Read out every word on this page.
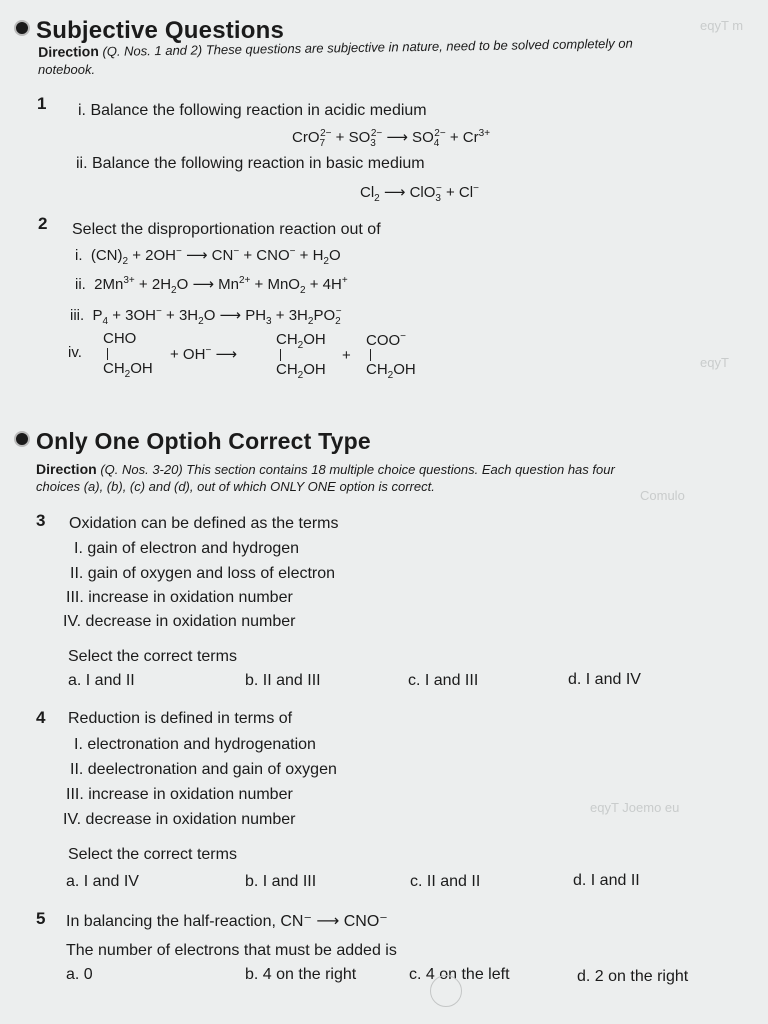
eqyT m
eqyT
Comulo
eqyT Joemo eu
Subjective Questions
Direction (Q. Nos. 1 and 2) These questions are subjective in nature, need to be solved completely on
notebook.
1 i. Balance the following reaction in acidic medium
$CrO_7^{2-} + SO_3^{2-}$ ⟶ $SO_4^{2-} + Cr^{3+}$
ii. Balance the following reaction in basic medium
$Cl_2$ ⟶ ClO$_3$− + Cl−
2 Select the disproportionation reaction out of
i.  $(CN)_2 + 2OH^-$ ⟶ $CN^- + CNO^- + H_2O$
ii.  $2Mn^{3+} + 2H_2O$ ⟶ $Mn^{2+} + MnO_2 + 4H^+$
iii.  $P_4 + 3OH^- + 3H_2O$ ⟶ $PH_3 + 3H_2PO_2^-$
iv.
CHO
$CH_2OH$
+ OH− ⟶
$CH_2OH$
$CH_2OH$
+
COO−
$CH_2OH$
Only One Optioh Correct Type
Direction (Q. Nos. 3-20) This section contains 18 multiple choice questions. Each question has four
choices (a), (b), (c) and (d), out of which ONLY ONE option is correct.
3 Oxidation can be defined as the terms
I. gain of electron and hydrogen
II. gain of oxygen and loss of electron
III. increase in oxidation number
IV. decrease in oxidation number
Select the correct terms
a. I and II	b. II and III	c. I and III	d. I and IV
4 Reduction is defined in terms of
I. electronation and hydrogenation
II. deelectronation and gain of oxygen
III. increase in oxidation number
IV. decrease in oxidation number
Select the correct terms
a. I and IV	b. I and III	c. II and II	d. I and II
5 In balancing the half-reaction, CN⁻ ⟶ CNO⁻
The number of electrons that must be added is
a. 0	b. 4 on the right	c. 4 on the left	d. 2 on the right
